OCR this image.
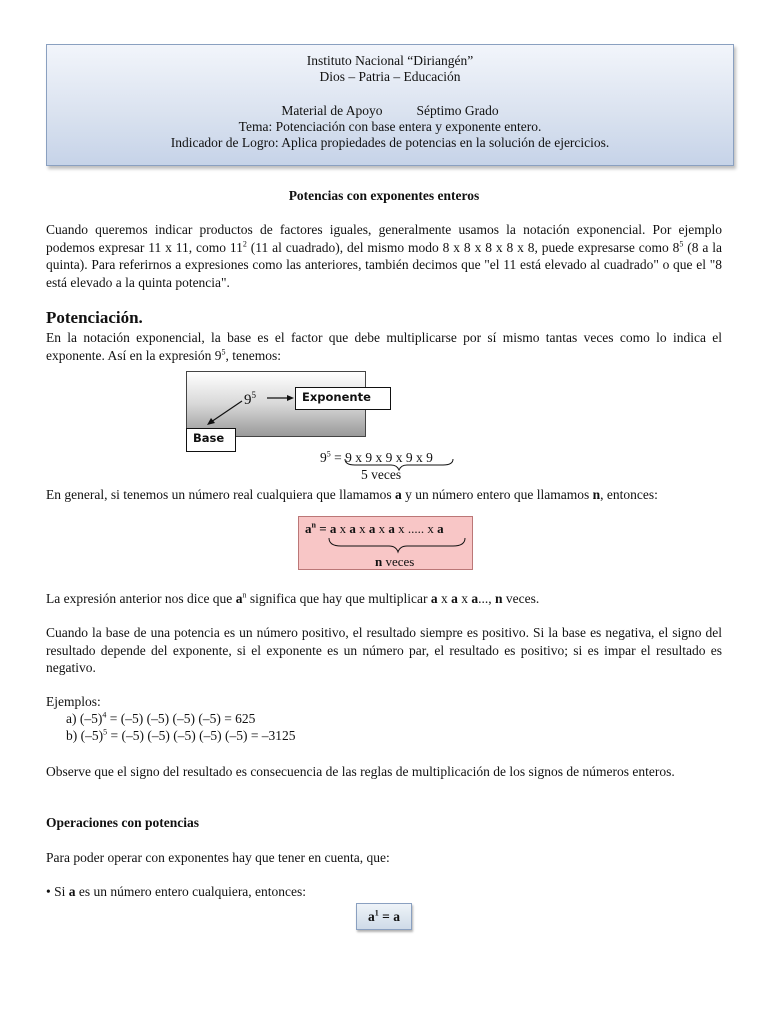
Instituto Nacional “Diriangén”
Dios – Patria – Educación
Material de Apoyo	Séptimo Grado
Tema: Potenciación con base entera y exponente entero.
Indicador de Logro: Aplica propiedades de potencias en la solución de ejercicios.
Potencias con exponentes enteros
Cuando queremos indicar productos de factores iguales, generalmente usamos la notación exponencial. Por ejemplo podemos expresar 11 x 11, como $11^2$ (11 al cuadrado), del mismo modo 8 x 8 x 8 x 8 x 8, puede expresarse como $8^5$ (8 a la quinta). Para referirnos a expresiones como las anteriores, también decimos que "el 11 está elevado al cuadrado" o que el "8 está elevado a la quinta potencia".
Potenciación.
En la notación exponencial, la base es el factor que debe multiplicarse por sí mismo tantas veces como lo indica el exponente. Así en la expresión $9^5$, tenemos:
$9^5$	Exponente
Base
$9^5 = 9$ x 9 x 9 x 9 x 9
5 veces
En general, si tenemos un número real cualquiera que llamamos a y un número entero que llamamos n, entonces:
$a^n = a$ x a x a x a x ..... x a
n veces
La expresión anterior nos dice que $a^n$ significa que hay que multiplicar a x a x a..., n veces.
Cuando la base de una potencia es un número positivo, el resultado siempre es positivo. Si la base es negativa, el signo del resultado depende del exponente, si el exponente es un número par, el resultado es positivo; si es impar el resultado es negativo.
Ejemplos:
a) $(-5)^4 = (-5)$ (–5) (–5) (–5) = 625
b) $(-5)^5 = (-5)$ (–5) (–5) (–5) (–5) = –3125
Observe que el signo del resultado es consecuencia de las reglas de multiplicación de los signos de números enteros.
Operaciones con potencias
Para poder operar con exponentes hay que tener en cuenta, que:
• Si a es un número entero cualquiera, entonces:
$a^1 = a$
